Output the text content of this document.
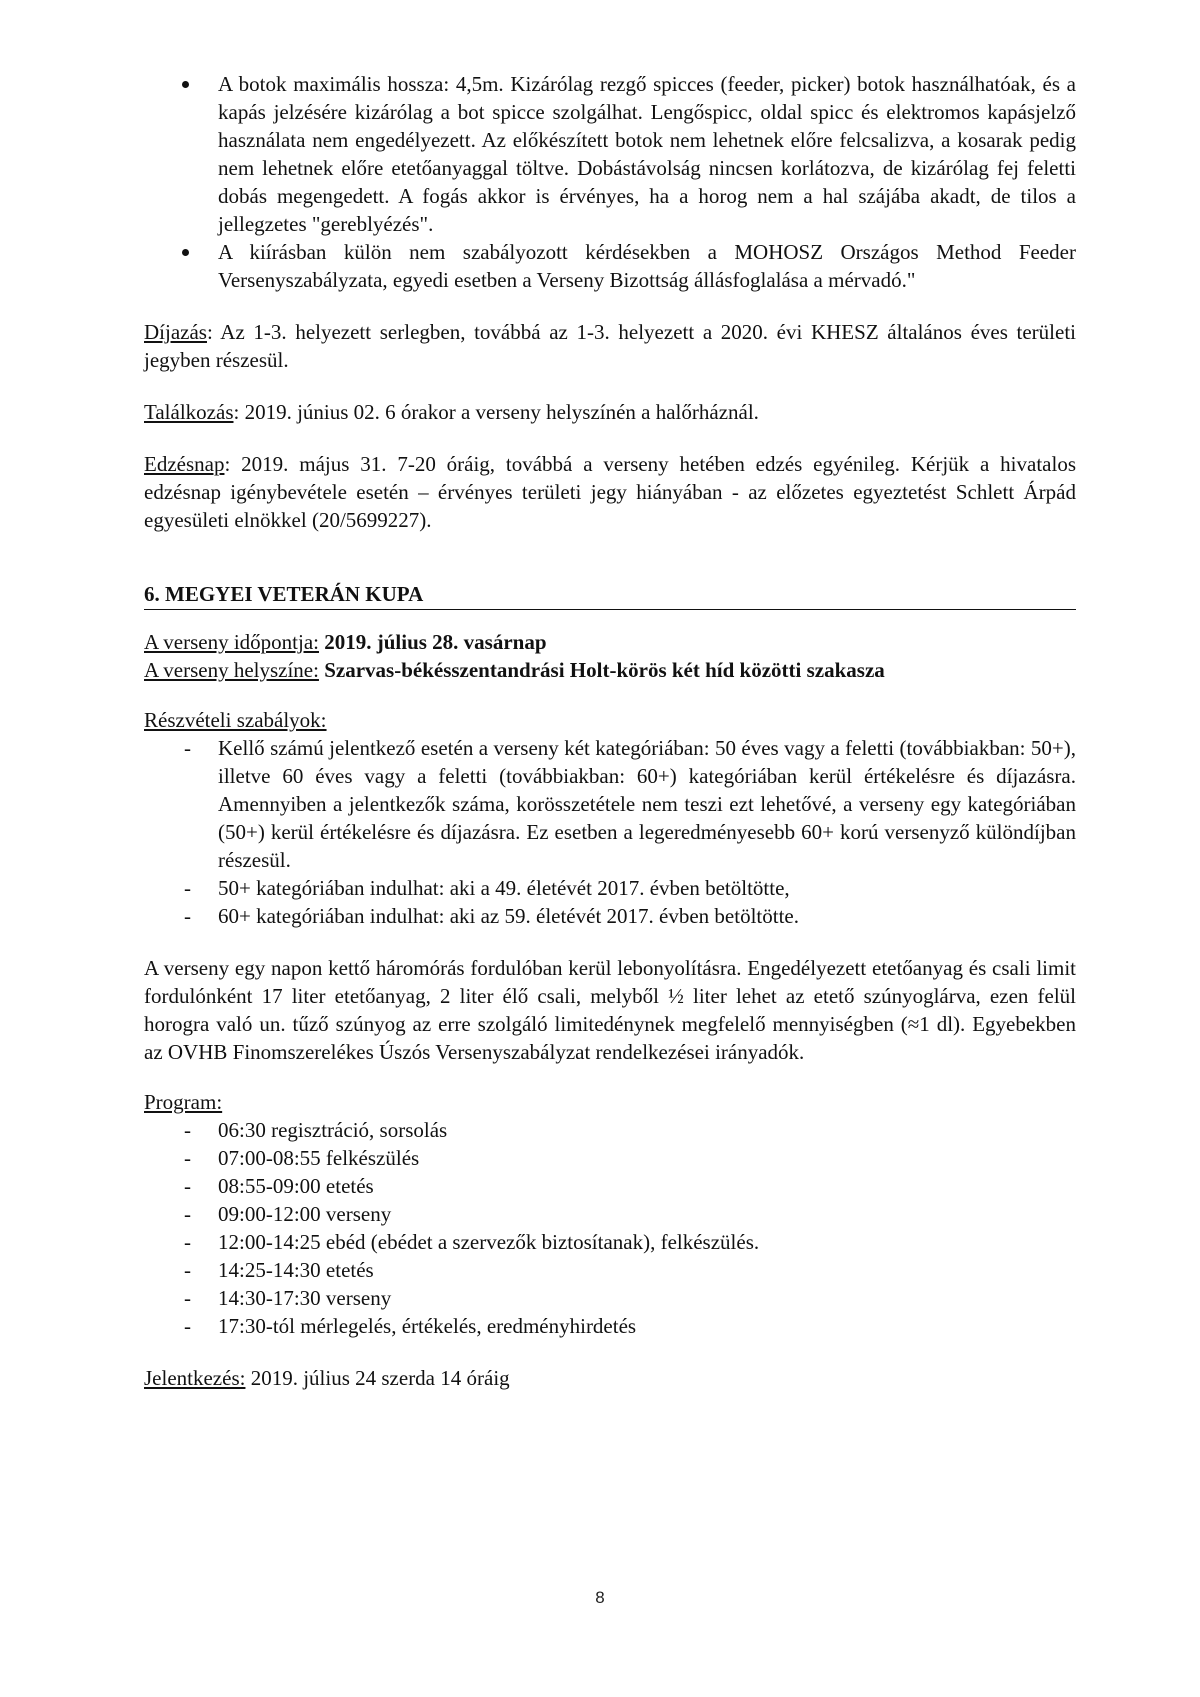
A botok maximális hossza: 4,5m. Kizárólag rezgő spicces (feeder, picker) botok használhatóak, és a kapás jelzésére kizárólag a bot spicce szolgálhat. Lengőspicc, oldal spicc és elektromos kapásjelző használata nem engedélyezett. Az előkészített botok nem lehetnek előre felcsalizva, a kosarak pedig nem lehetnek előre etetőanyaggal töltve. Dobástávolság nincsen korlátozva, de kizárólag fej feletti dobás megengedett. A fogás akkor is érvényes, ha a horog nem a hal szájába akadt, de tilos a jellegzetes "gereblyézés".
A kiírásban külön nem szabályozott kérdésekben a MOHOSZ Országos Method Feeder Versenyszabályzata, egyedi esetben a Verseny Bizottság állásfoglalása a mérvadó."

Díjazás: Az 1-3. helyezett serlegben, továbbá az 1-3. helyezett a 2020. évi KHESZ általános éves területi jegyben részesül.

Találkozás: 2019. június 02. 6 órakor a verseny helyszínén a halőrháznál.

Edzésnap: 2019. május 31. 7-20 óráig, továbbá a verseny hetében edzés egyénileg. Kérjük a hivatalos edzésnap igénybevétele esetén – érvényes területi jegy hiányában - az előzetes egyeztetést Schlett Árpád egyesületi elnökkel (20/5699227).

6. MEGYEI VETERÁN KUPA
A verseny időpontja: 2019. július 28. vasárnap
A verseny helyszíne: Szarvas-békésszentandrási Holt-körös két híd közötti szakasza
Részvételi szabályok:
- Kellő számú jelentkező esetén a verseny két kategóriában: 50 éves vagy a feletti (továbbiakban: 50+), illetve 60 éves vagy a feletti (továbbiakban: 60+) kategóriában kerül értékelésre és díjazásra. Amennyiben a jelentkezők száma, korösszetétele nem teszi ezt lehetővé, a verseny egy kategóriában (50+) kerül értékelésre és díjazásra. Ez esetben a legeredményesebb 60+ korú versenyző különdíjban részesül.
- 50+ kategóriában indulhat: aki a 49. életévét 2017. évben betöltötte,
- 60+ kategóriában indulhat: aki az 59. életévét 2017. évben betöltötte.

A verseny egy napon kettő háromórás fordulóban kerül lebonyolításra. Engedélyezett etetőanyag és csali limit fordulónként 17 liter etetőanyag, 2 liter élő csali, melyből ½ liter lehet az etető szúnyoglárva, ezen felül horogra való un. tűző szúnyog az erre szolgáló limitedénynek megfelelő mennyiségben (≈1 dl). Egyebekben az OVHB Finomszerelékes Úszós Versenyszabályzat rendelkezései irányadók.

Program:
- 06:30 regisztráció, sorsolás
- 07:00-08:55 felkészülés
- 08:55-09:00 etetés
- 09:00-12:00 verseny
- 12:00-14:25 ebéd (ebédet a szervezők biztosítanak), felkészülés.
- 14:25-14:30 etetés
- 14:30-17:30 verseny
- 17:30-tól mérlegelés, értékelés, eredményhirdetés

Jelentkezés: 2019. július 24 szerda 14 óráig

8
